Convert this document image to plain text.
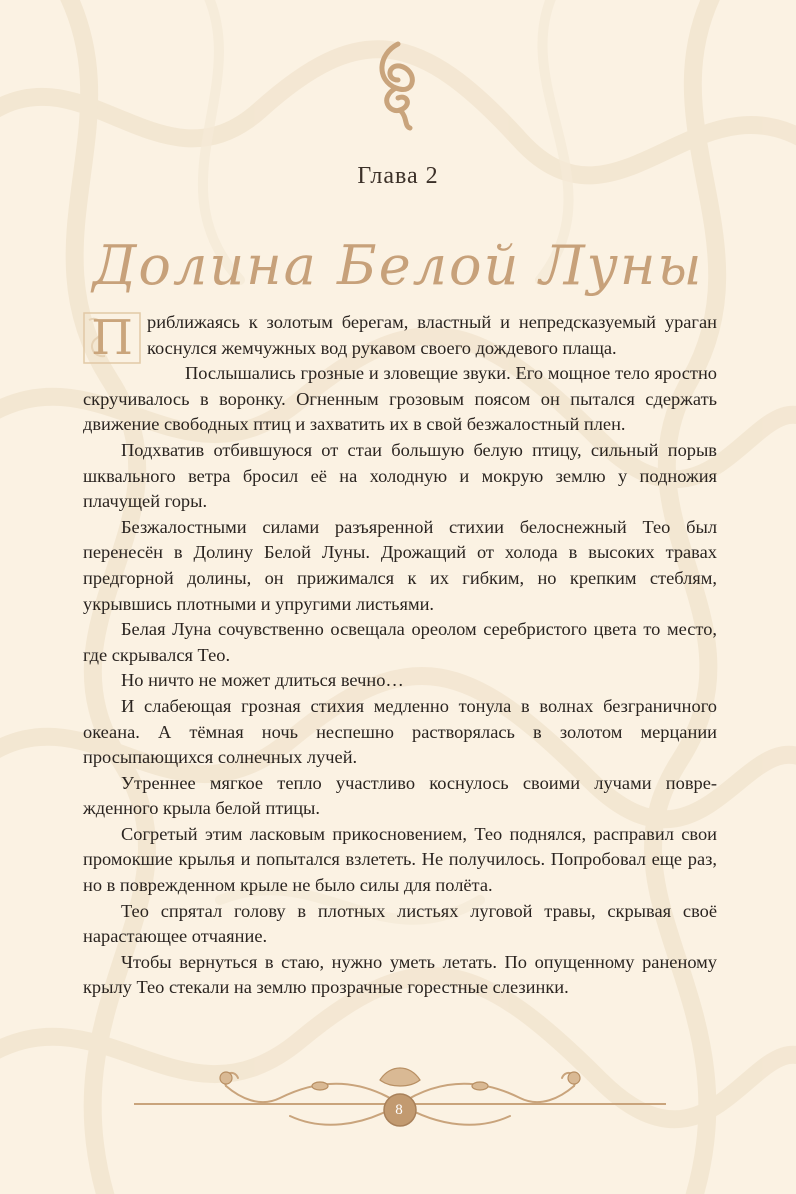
Глава 2
Долина Белой Луны

П риближаясь к золотым берегам, властный и непредсказуемый ураган коснулся жемчужных вод рукавом своего дождевого плаща.

Послышались грозные и зловещие звуки. Его мощное тело яростно скручивалось в воронку. Огненным грозовым поясом он пытался сдержать движение свободных птиц и захватить их в свой безжалостный плен.

Подхватив отбившуюся от стаи большую белую птицу, сильный порыв шквального ветра бросил её на холодную и мокрую землю у подножия плачущей горы.

Безжалостными силами разъяренной стихии белоснежный Тео был перенесён в Долину Белой Луны. Дрожащий от холода в высоких травах предгорной долины, он прижимался к их гибким, но крепким стеблям, укрывшись плотными и упругими листьями.

Белая Луна сочувственно освещала ореолом серебристого цвета то место, где скрывался Тео.

Но ничто не может длиться вечно…

И слабеющая грозная стихия медленно тонула в волнах безграничного океана. А тёмная ночь неспешно растворялась в золотом мерцании просыпающихся солнечных лучей.

Утреннее мягкое тепло участливо коснулось своими лучами поврежденного крыла белой птицы.

Согретый этим ласковым прикосновением, Тео поднялся, расправил свои промокшие крылья и попытался взлететь. Не получилось. Попробовал еще раз, но в поврежденном крыле не было силы для полёта.

Тео спрятал голову в плотных листьях луговой травы, скрывая своё нарастающее отчаяние.

Чтобы вернуться в стаю, нужно уметь летать. По опущенному раненому крылу Тео стекали на землю прозрачные горестные слезинки.

8
